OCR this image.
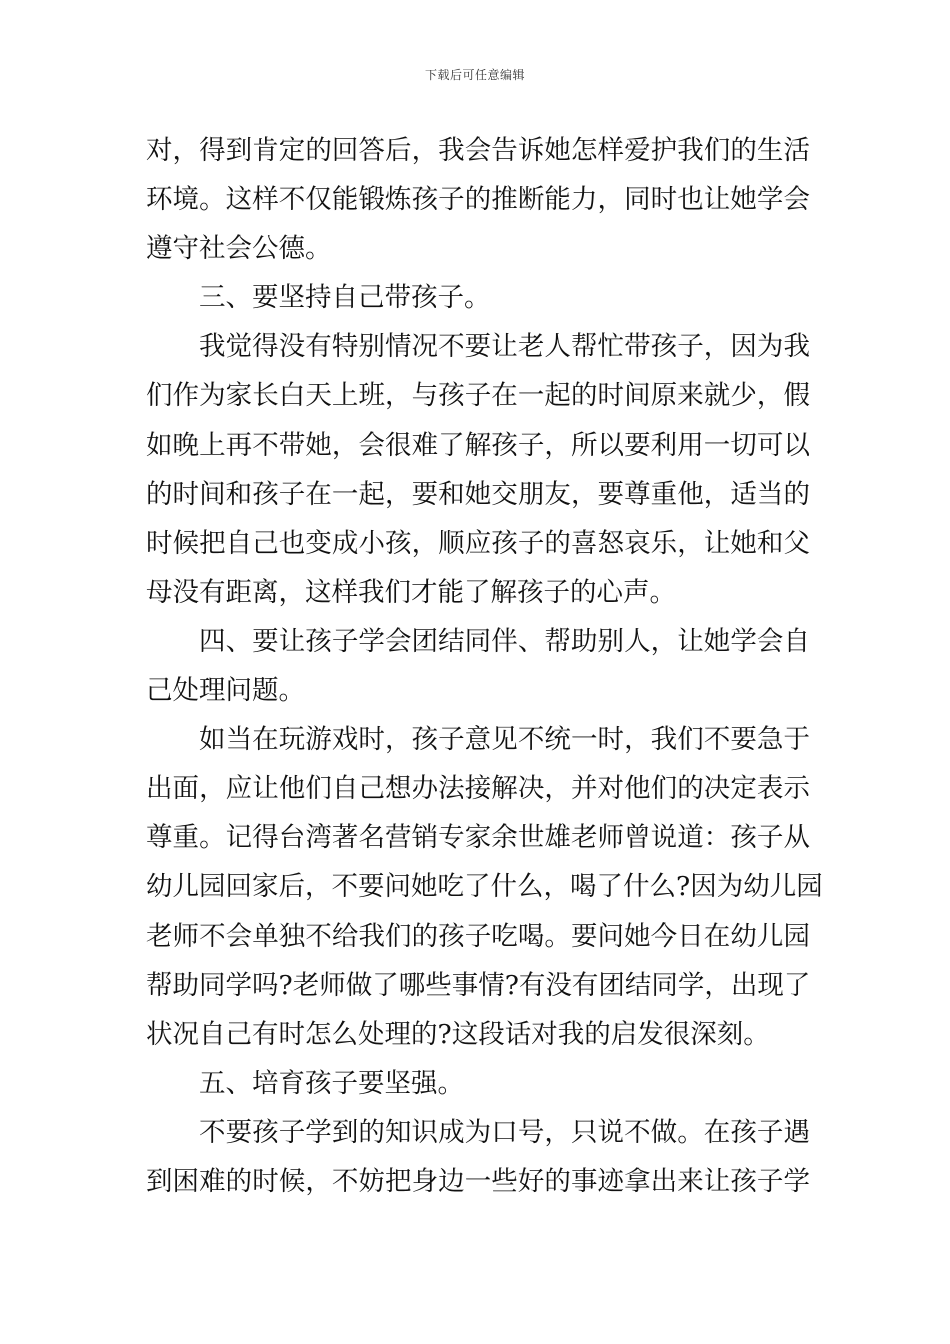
下载后可任意编辑
对，得到肯定的回答后，我会告诉她怎样爱护我们的生活
环境。这样不仅能锻炼孩子的推断能力，同时也让她学会
遵守社会公德。
三、要坚持自己带孩子。
我觉得没有特别情况不要让老人帮忙带孩子，因为我
们作为家长白天上班，与孩子在一起的时间原来就少，假
如晚上再不带她，会很难了解孩子，所以要利用一切可以
的时间和孩子在一起，要和她交朋友，要尊重他，适当的
时候把自己也变成小孩，顺应孩子的喜怒哀乐，让她和父
母没有距离，这样我们才能了解孩子的心声。
四、要让孩子学会团结同伴、帮助别人，让她学会自
己处理问题。
如当在玩游戏时，孩子意见不统一时，我们不要急于
出面，应让他们自己想办法接解决，并对他们的决定表示
尊重。记得台湾著名营销专家余世雄老师曾说道：孩子从
幼儿园回家后，不要问她吃了什么，喝了什么?因为幼儿园
老师不会单独不给我们的孩子吃喝。要问她今日在幼儿园
帮助同学吗?老师做了哪些事情?有没有团结同学，出现了
状况自己有时怎么处理的?这段话对我的启发很深刻。
五、培育孩子要坚强。
不要孩子学到的知识成为口号，只说不做。在孩子遇
到困难的时候，不妨把身边一些好的事迹拿出来让孩子学
